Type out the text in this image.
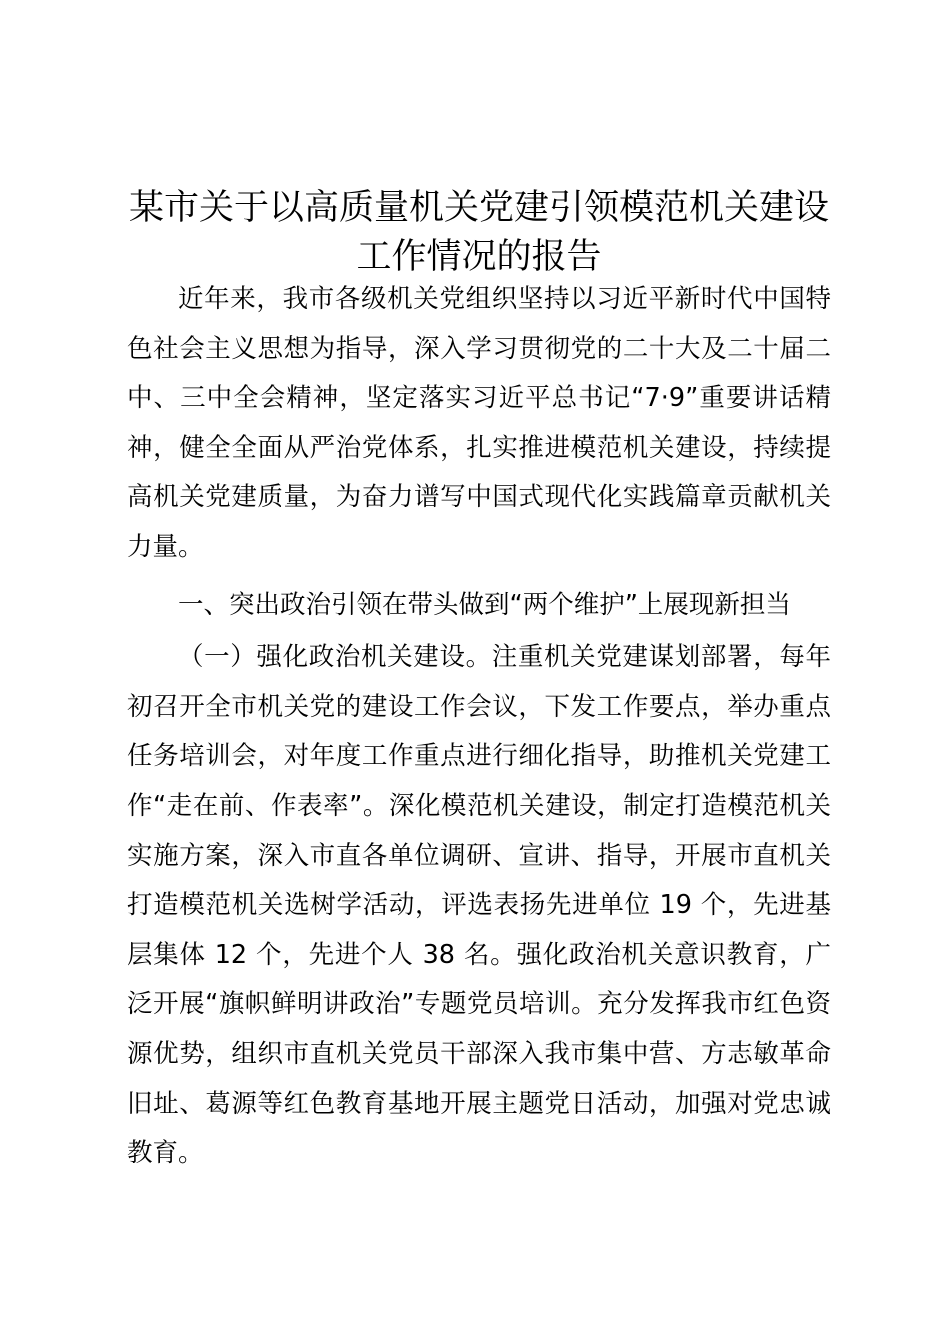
某市关于以高质量机关党建引领模范机关建设
工作情况的报告

近年来，我市各级机关党组织坚持以习近平新时代中国特色社会主义思想为指导，深入学习贯彻党的二十大及二十届二中、三中全会精神，坚定落实习近平总书记“7·9”重要讲话精神，健全全面从严治党体系，扎实推进模范机关建设，持续提高机关党建质量，为奋力谱写中国式现代化实践篇章贡献机关力量。

一、突出政治引领在带头做到“两个维护”上展现新担当

（一）强化政治机关建设。注重机关党建谋划部署，每年初召开全市机关党的建设工作会议，下发工作要点，举办重点任务培训会，对年度工作重点进行细化指导，助推机关党建工作“走在前、作表率”。深化模范机关建设，制定打造模范机关实施方案，深入市直各单位调研、宣讲、指导，开展市直机关打造模范机关选树学活动，评选表扬先进单位 19 个，先进基层集体 12 个，先进个人 38 名。强化政治机关意识教育，广泛开展“旗帜鲜明讲政治”专题党员培训。充分发挥我市红色资源优势，组织市直机关党员干部深入我市集中营、方志敏革命旧址、葛源等红色教育基地开展主题党日活动，加强对党忠诚教育。
